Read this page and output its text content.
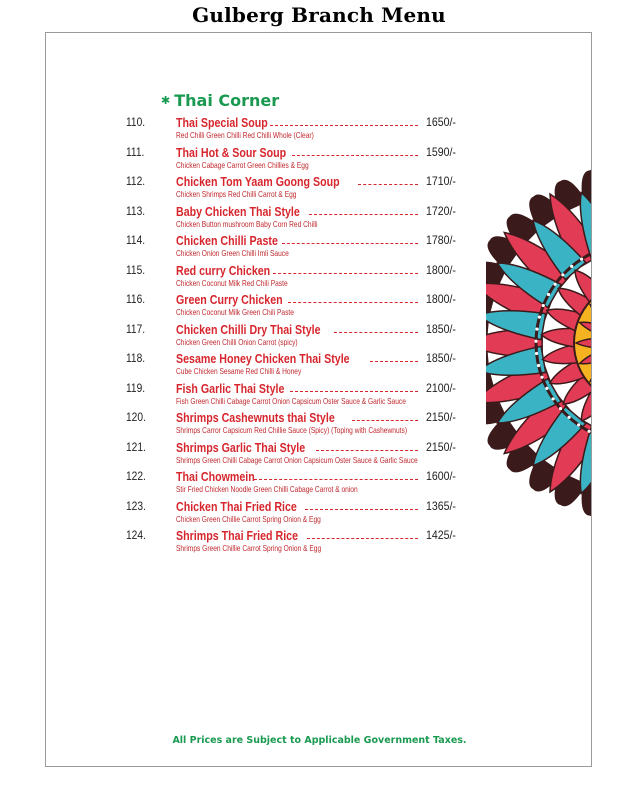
Gulberg Branch Menu
✱ Thai Corner
110.	Thai Special Soup	1650/-
Red Chilli Green Chilli Red Chilli Whole (Clear)
111.	Thai Hot & Sour Soup	1590/-
Chicken Cabage Carrot Green Chillies & Egg
112.	Chicken Tom Yaam Goong Soup	1710/-
Chicken Shrimps Red Chilli Carrot & Egg
113.	Baby Chicken Thai Style	1720/-
Chicken Button mushroom Baby Corn Red Chilli
114.	Chicken Chilli Paste	1780/-
Chicken Onion Green Chilli Imli Sauce
115.	Red curry Chicken	1800/-
Chicken Coconut Milk Red Chili Paste
116.	Green Curry Chicken	1800/-
Chicken Coconut Milk Green Chili Paste
117.	Chicken Chilli Dry Thai Style	1850/-
Chicken Green Chilli Onion Carrot (spicy)
118.	Sesame Honey Chicken Thai Style	1850/-
Cube Chicken Sesame Red Chilli & Honey
119.	Fish Garlic Thai Style	2100/-
Fish Green Chilli Cabage Carrot Onion Capsicum Oster Sauce & Garlic Sauce
120.	Shrimps Cashewnuts thai Style	2150/-
Shrimps Carror Capsicum Red Chillie Sauce (Spicy) (Toping with Cashewnuts)
121.	Shrimps Garlic Thai Style	2150/-
Shrimps Green Chilli Cabage Carrot Onion Capsicum Oster Sauce & Garlic Sauce
122.	Thai Chowmein	1600/-
Stir Fried Chicken Noodle Green Chilli Cabage Carrot & onion
123.	Chicken Thai Fried Rice	1365/-
Chicken Green Chillie Carrot Spring Onion & Egg
124.	Shrimps Thai Fried Rice	1425/-
Shrimps Green Chillie Carrot Spring Onion & Egg
All Prices are Subject to Applicable Government Taxes.
